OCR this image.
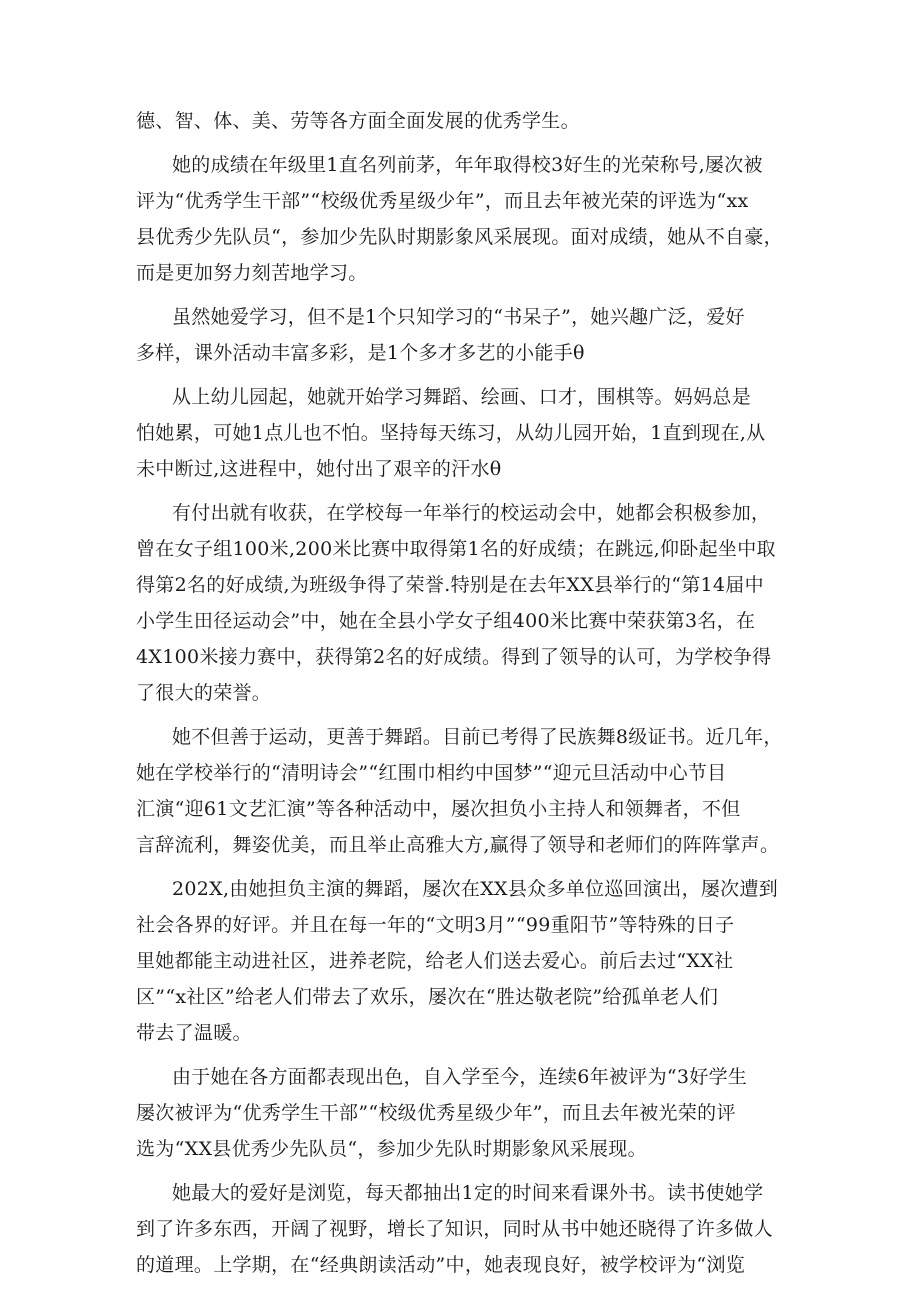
德、智、体、美、劳等各方面全面发展的优秀学生。
她的成绩在年级里1直名列前茅，年年取得校3好生的光荣称号,屡次被
评为“优秀学生干部”“校级优秀星级少年”，而且去年被光荣的评选为“xx
县优秀少先队员“，参加少先队时期影象风采展现。面对成绩，她从不自豪，
而是更加努力刻苦地学习。
虽然她爱学习，但不是1个只知学习的“书呆子”，她兴趣广泛，爱好
多样，课外活动丰富多彩，是1个多才多艺的小能手θ
从上幼儿园起，她就开始学习舞蹈、绘画、口才，围棋等。妈妈总是
怕她累，可她1点儿也不怕。坚持每天练习，从幼儿园开始，1直到现在,从
未中断过,这进程中，她付出了艰辛的汗水θ
有付出就有收获，在学校每一年举行的校运动会中，她都会积极参加，
曾在女子组100米,200米比赛中取得第1名的好成绩；在跳远,仰卧起坐中取
得第2名的好成绩,为班级争得了荣誉.特别是在去年XX县举行的“第14届中
小学生田径运动会”中，她在全县小学女子组400米比赛中荣获第3名，在
4X100米接力赛中，获得第2名的好成绩。得到了领导的认可，为学校争得
了很大的荣誉。
她不但善于运动，更善于舞蹈。目前已考得了民族舞8级证书。近几年，
她在学校举行的“清明诗会”“红围巾相约中国梦”“迎元旦活动中心节目
汇演“迎61文艺汇演”等各种活动中，屡次担负小主持人和领舞者，不但
言辞流利，舞姿优美，而且举止高雅大方,赢得了领导和老师们的阵阵掌声。
202X,由她担负主演的舞蹈，屡次在XX县众多单位巡回演出，屡次遭到
社会各界的好评。并且在每一年的“文明3月”“99重阳节”等特殊的日子
里她都能主动进社区，进养老院，给老人们送去爱心。前后去过“XX社
区”“x社区”给老人们带去了欢乐，屡次在“胜达敬老院”给孤单老人们
带去了温暖。
由于她在各方面都表现出色，自入学至今，连续6年被评为“3好学生
屡次被评为“优秀学生干部”“校级优秀星级少年”，而且去年被光荣的评
选为“XX县优秀少先队员“，参加少先队时期影象风采展现。
她最大的爱好是浏览，每天都抽出1定的时间来看课外书。读书使她学
到了许多东西，开阔了视野，增长了知识，同时从书中她还晓得了许多做人
的道理。上学期，在“经典朗读活动”中，她表现良好，被学校评为“浏览
